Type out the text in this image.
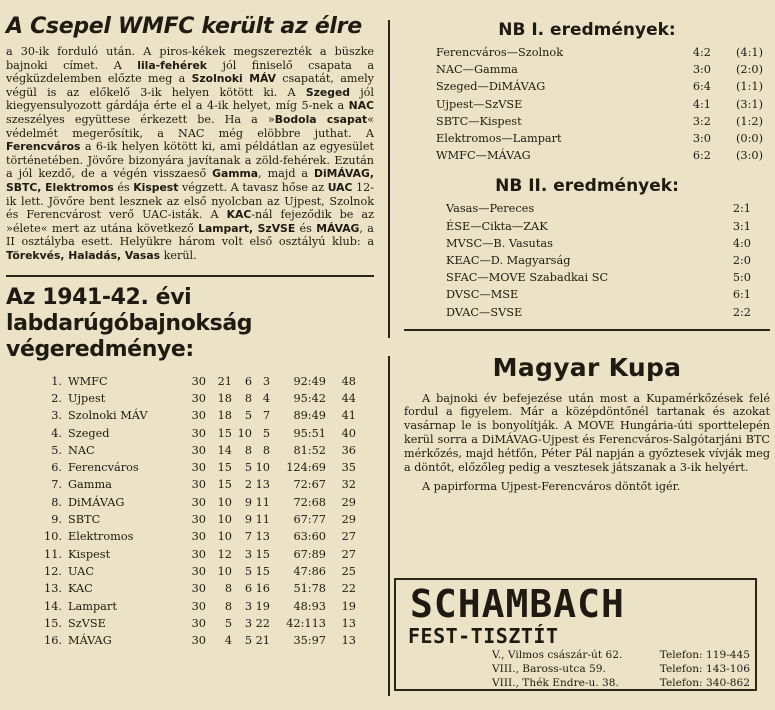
A Csepel WMFC került az élre

a 30-ik forduló után. A piros-kékek megszerezték a büszke bajnoki címet. A lila-fehérek jól finiselő csapata a végküzdelemben előzte meg a Szolnoki MÁV csapatát, amely végül is az előkelő 3-ik helyen kötött ki. A Szeged jól kiegyensulyozott gárdája érte el a 4-ik helyet, míg 5-nek a NAC szeszélyes együttese érkezett be. Ha a »Bodola csapat« védelmét megerősítik, a NAC még elöbbre juthat. A Ferencváros a 6-ik helyen kötött ki, ami példátlan az egyesület történetében. Jövőre bizonyára javítanak a zöld-fehérek. Ezután a jól kezdő, de a végén visszaeső Gamma, majd a DiMÁVAG, SBTC, Elektromos és Kispest végzett. A tavasz hőse az UAC 12-ik lett. Jövőre bent lesznek az első nyolcban az Ujpest, Szolnok és Ferencvárost verő UAC-isták. A KAC-nál fejeződik be az »élete« mert az utána következő Lampart, SzVSE és MÁVAG, a II osztályba esett. Helyükre három volt első osztályú klub: a Törekvés, Haladás, Vasas kerül.

Az 1941-42. évi labdarúgóbajnokság végeredménye:
1.	WMFC	30	21	6	3	92:49	48
2.	Ujpest	30	18	8	4	95:42	44
3.	Szolnoki MÁV	30	18	5	7	89:49	41
4.	Szeged	30	15	10	5	95:51	40
5.	NAC	30	14	8	8	81:52	36
6.	Ferencváros	30	15	5	10	124:69	35
7.	Gamma	30	15	2	13	72:67	32
8.	DiMÁVAG	30	10	9	11	72:68	29
9.	SBTC	30	10	9	11	67:77	29
10.	Elektromos	30	10	7	13	63:60	27
11.	Kispest	30	12	3	15	67:89	27
12.	UAC	30	10	5	15	47:86	25
13.	KAC	30	8	6	16	51:78	22
14.	Lampart	30	8	3	19	48:93	19
15.	SzVSE	30	5	3	22	42:113	13
16.	MÁVAG	30	4	5	21	35:97	13
NB I. eredmények:
Ferencváros—Szolnok	4:2	(4:1)
NAC—Gamma	3:0	(2:0)
Szeged—DiMÁVAG	6:4	(1:1)
Ujpest—SzVSE	4:1	(3:1)
SBTC—Kispest	3:2	(1:2)
Elektromos—Lampart	3:0	(0:0)
WMFC—MÁVAG	6:2	(3:0)
NB II. eredmények:
Vasas—Pereces	2:1
ÉSE—Cikta—ZAK	3:1
MVSC—B. Vasutas	4:0
KEAC—D. Magyarság	2:0
SFAC—MOVE Szabadkai SC	5:0
DVSC—MSE	6:1
DVAC—SVSE	2:2
Magyar Kupa

A bajnoki év befejezése után most a Kupamérkőzések felé fordul a figyelem. Már a középdöntőnél tartanak és azokat vasárnap le is bonyolítják. A MOVE Hungária-úti sporttelepén kerül sorra a DiMÁVAG-Ujpest és Ferencváros-Salgótarjáni BTC mérkőzés, majd hétfőn, Péter Pál napján a győztesek vívják meg a döntőt, előzőleg pedig a vesztesek játszanak a 3-ik helyért.

A papirforma Ujpest-Ferencváros döntőt igér.

SCHAMBACH
FEST-TISZTÍT
V., Vilmos császár-út 62.	Telefon: 119-445
VIII., Baross-utca 59.	Telefon: 143-106
VIII., Thék Endre-u. 38.	Telefon: 340-862
